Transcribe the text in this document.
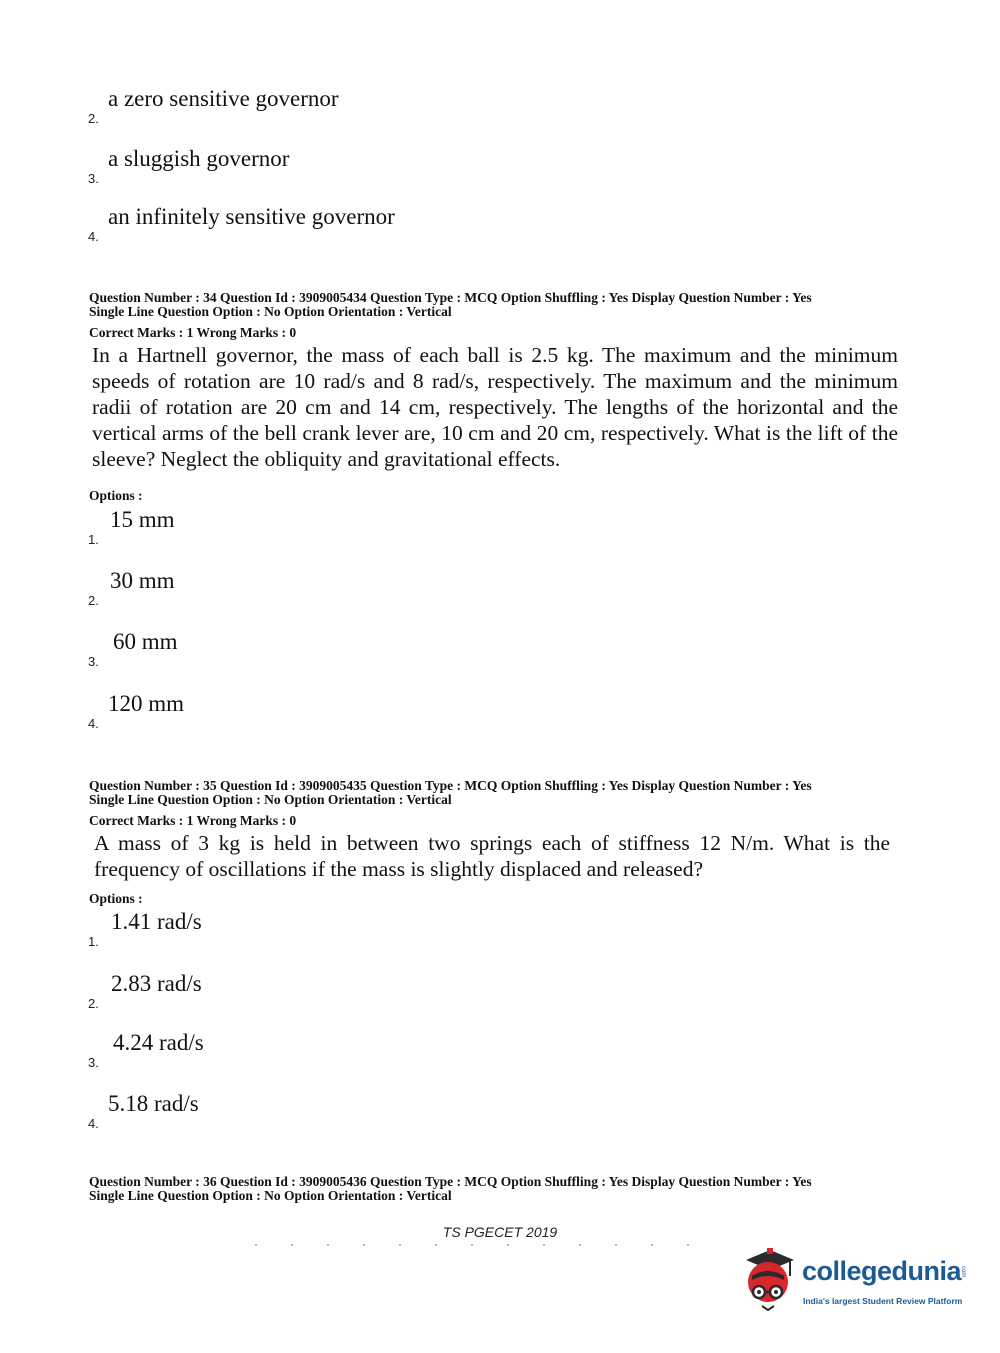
2.
a zero sensitive governor
3.
a sluggish governor
4.
an infinitely sensitive governor
Question Number : 34 Question Id : 3909005434 Question Type : MCQ Option Shuffling : Yes Display Question Number : Yes
Single Line Question Option : No Option Orientation : Vertical
Correct Marks : 1 Wrong Marks : 0
In a Hartnell governor, the mass of each ball is 2.5 kg. The maximum and the minimum speeds of rotation are 10 rad/s and 8 rad/s, respectively. The maximum and the minimum radii of rotation are 20 cm and 14 cm, respectively. The lengths of the horizontal and the vertical arms of the bell crank lever are, 10 cm and 20 cm, respectively. What is the lift of the sleeve? Neglect the obliquity and gravitational effects.
Options :
1.
15 mm
2.
30 mm
3.
60 mm
4.
120 mm
Question Number : 35 Question Id : 3909005435 Question Type : MCQ Option Shuffling : Yes Display Question Number : Yes
Single Line Question Option : No Option Orientation : Vertical
Correct Marks : 1 Wrong Marks : 0
A mass of 3 kg is held in between two springs each of stiffness 12 N/m. What is the frequency of oscillations if the mass is slightly displaced and released?
Options :
1.
1.41 rad/s
2.
2.83 rad/s
3.
4.24 rad/s
4.
5.18 rad/s
Question Number : 36 Question Id : 3909005436 Question Type : MCQ Option Shuffling : Yes Display Question Number : Yes
Single Line Question Option : No Option Orientation : Vertical
TS PGECET 2019
collegedunia
com
India's largest Student Review Platform
